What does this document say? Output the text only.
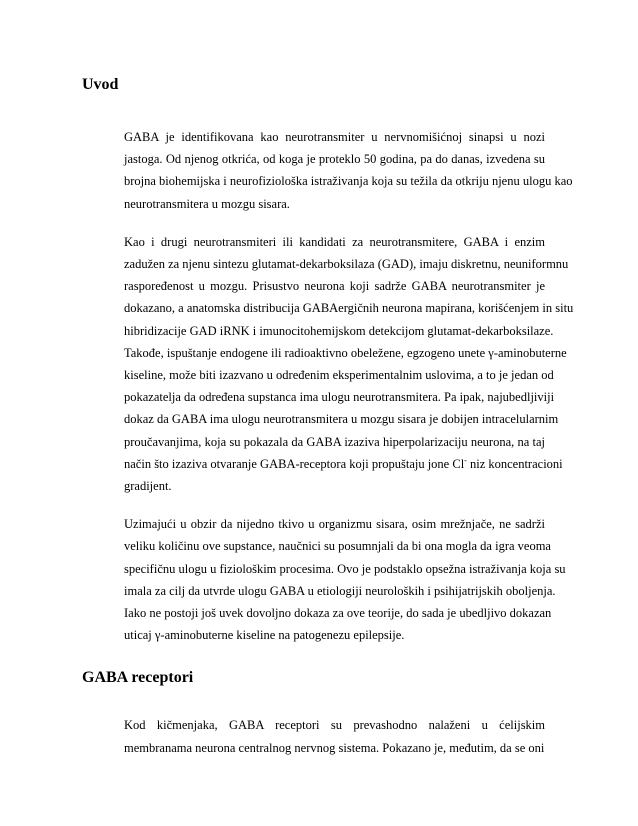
Uvod

GABA je identifikovana kao neurotransmiter u nervnomišićnoj sinapsi u nozi
jastoga. Od njenog otkrića, od koga je proteklo 50 godina, pa do danas, izvedena su
brojna biohemijska i neurofiziološka istraživanja koja su težila da otkriju njenu ulogu kao
neurotransmitera u mozgu sisara.

Kao i drugi neurotransmiteri ili kandidati za neurotransmitere, GABA i enzim
zadužen za njenu sintezu glutamat-dekarboksilaza (GAD), imaju diskretnu, neuniformnu
raspoređenost u mozgu. Prisustvo neurona koji sadrže GABA neurotransmiter je
dokazano, a anatomska distribucija GABAergičnih neurona mapirana, korišćenjem in situ
hibridizacije GAD iRNK i imunocitohemijskom detekcijom glutamat-dekarboksilaze.
Takođe, ispuštanje endogene ili radioaktivno obeležene, egzogeno unete γ-aminobuterne
kiseline, može biti izazvano u određenim eksperimentalnim uslovima, a to je jedan od
pokazatelja da određena supstanca ima ulogu neurotransmitera. Pa ipak, najubedljiviji
dokaz da GABA ima ulogu neurotransmitera u mozgu sisara je dobijen intracelularnim
proučavanjima, koja su pokazala da GABA izaziva hiperpolarizaciju neurona, na taj
način što izaziva otvaranje GABA-receptora koji propuštaju jone Cl- niz koncentracioni
gradijent.

Uzimajući u obzir da nijedno tkivo u organizmu sisara, osim mrežnjače, ne sadrži
veliku količinu ove supstance, naučnici su posumnjali da bi ona mogla da igra veoma
specifičnu ulogu u fiziološkim procesima. Ovo je podstaklo opsežna istraživanja koja su
imala za cilj da utvrde ulogu GABA u etiologiji neuroloških i psihijatrijskih oboljenja.
Iako ne postoji još uvek dovoljno dokaza za ove teorije, do sada je ubedljivo dokazan
uticaj γ-aminobuterne kiseline na patogenezu epilepsije.

GABA receptori

Kod kičmenjaka, GABA receptori su prevashodno nalaženi u ćelijskim
membranama neurona centralnog nervnog sistema. Pokazano je, međutim, da se oni
